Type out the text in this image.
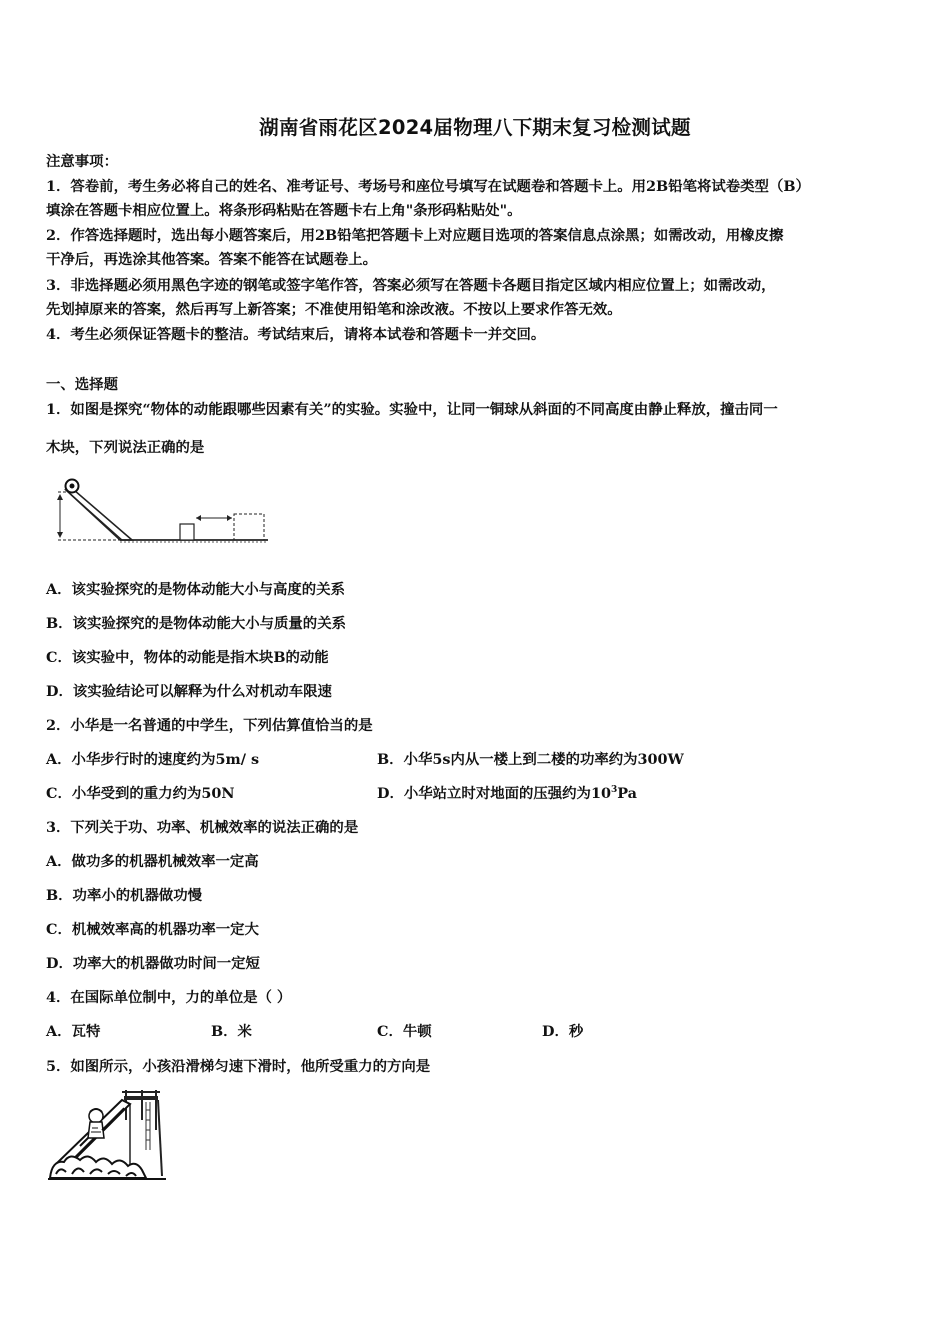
湖南省雨花区2024届物理八下期末复习检测试题
注意事项：
1．答卷前，考生务必将自己的姓名、准考证号、考场号和座位号填写在试题卷和答题卡上。用2B铅笔将试卷类型（B）
填涂在答题卡相应位置上。将条形码粘贴在答题卡右上角"条形码粘贴处"。
2．作答选择题时，选出每小题答案后，用2B铅笔把答题卡上对应题目选项的答案信息点涂黑；如需改动，用橡皮擦
干净后，再选涂其他答案。答案不能答在试题卷上。
3．非选择题必须用黑色字迹的钢笔或签字笔作答，答案必须写在答题卡各题目指定区域内相应位置上；如需改动，
先划掉原来的答案，然后再写上新答案；不准使用铅笔和涂改液。不按以上要求作答无效。
4．考生必须保证答题卡的整洁。考试结束后，请将本试卷和答题卡一并交回。
一、选择题
1．如图是探究“物体的动能跟哪些因素有关”的实验。实验中，让同一铜球从斜面的不同高度由静止释放，撞击同一
木块，下列说法正确的是
A．该实验探究的是物体动能大小与高度的关系
B．该实验探究的是物体动能大小与质量的关系
C．该实验中，物体的动能是指木块B的动能
D．该实验结论可以解释为什么对机动车限速
2．小华是一名普通的中学生，下列估算值恰当的是
A．小华步行时的速度约为5m/ s	B．小华5s内从一楼上到二楼的功率约为300W
C．小华受到的重力约为50N	D．小华站立时对地面的压强约为$10^3Pa$
3．下列关于功、功率、机械效率的说法正确的是
A．做功多的机器机械效率一定高
B．功率小的机器做功慢
C．机械效率高的机器功率一定大
D．功率大的机器做功时间一定短
4．在国际单位制中，力的单位是（ ）
A．瓦特	B．米	C．牛顿	D．秒
5．如图所示，小孩沿滑梯匀速下滑时，他所受重力的方向是
